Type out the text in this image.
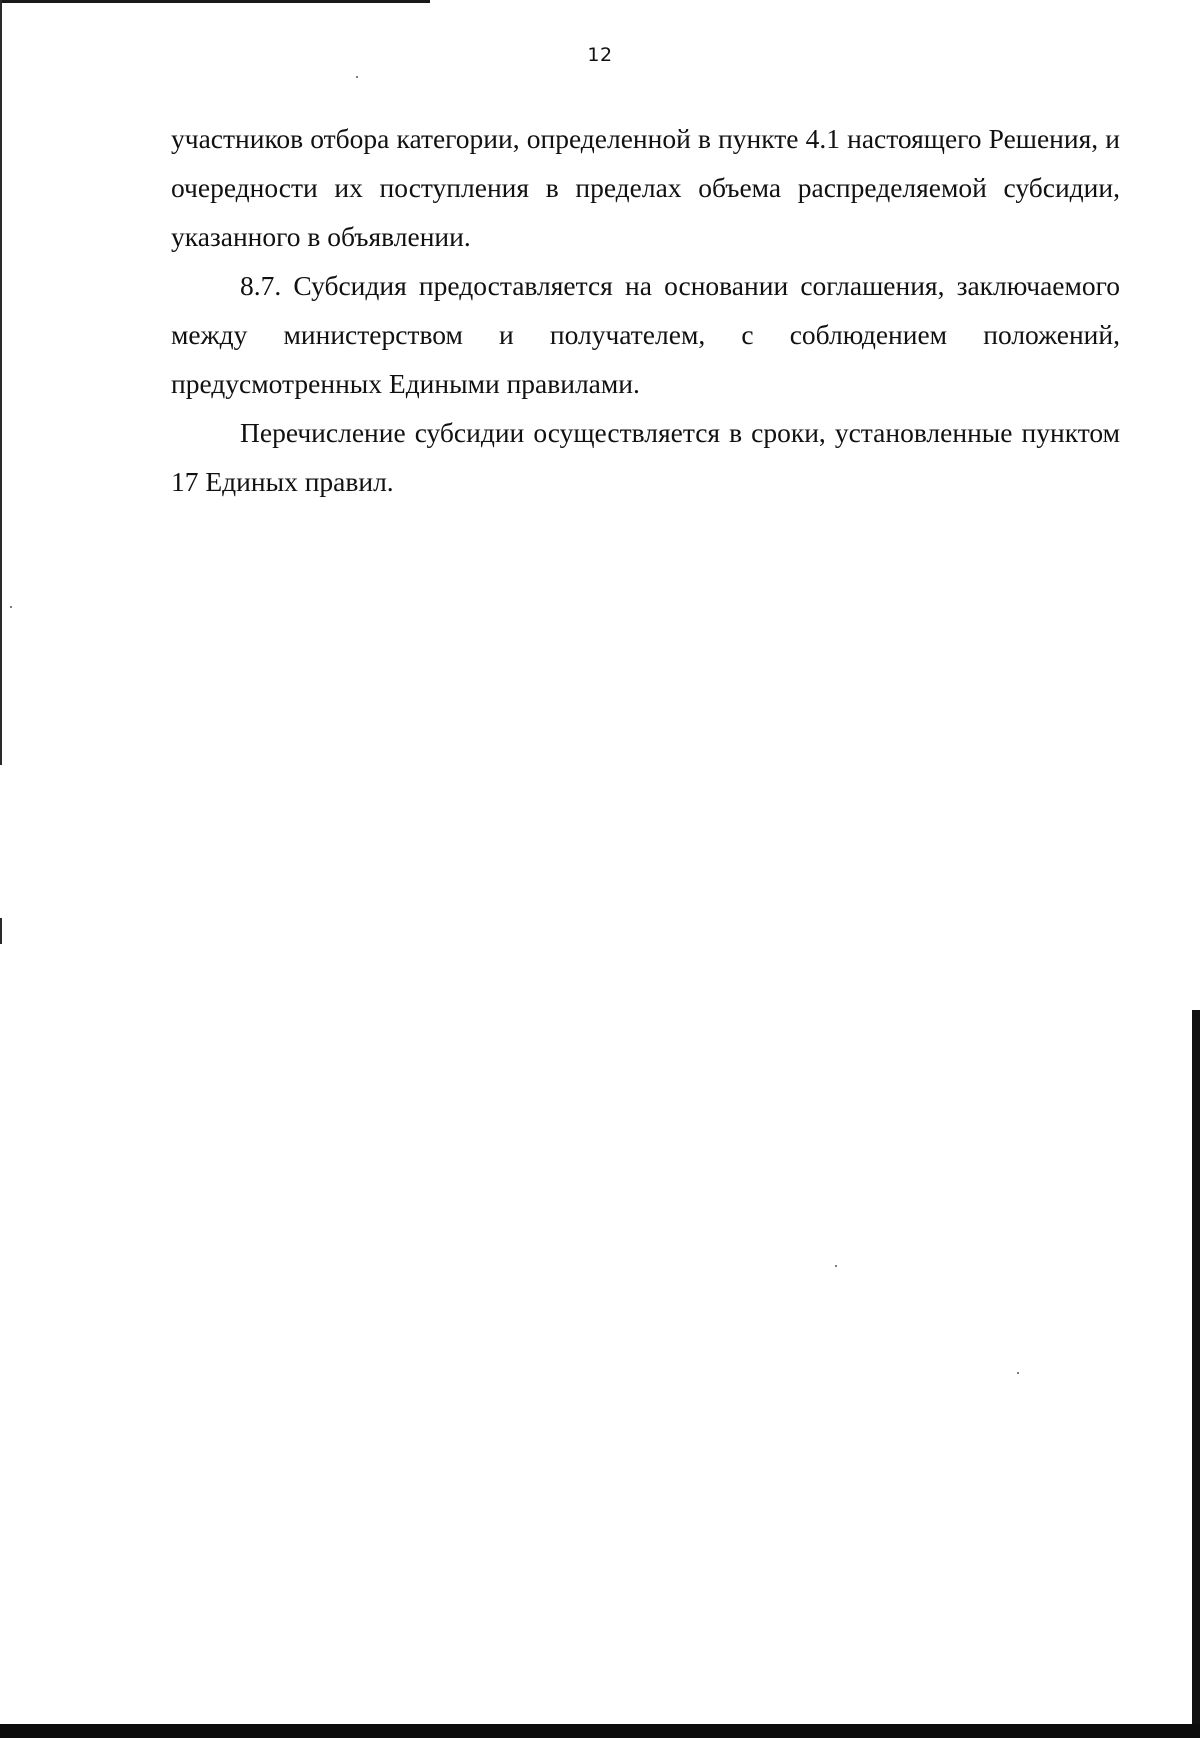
12

участников отбора категории, определенной в пункте 4.1 настоящего Решения, и очередности их поступления в пределах объема распределяемой субсидии, указанного в объявлении.

8.7. Субсидия предоставляется на основании соглашения, заключаемого между министерством и получателем, с соблюдением положений, предусмотренных Едиными правилами.

Перечисление субсидии осуществляется в сроки, установленные пунктом 17 Единых правил.
